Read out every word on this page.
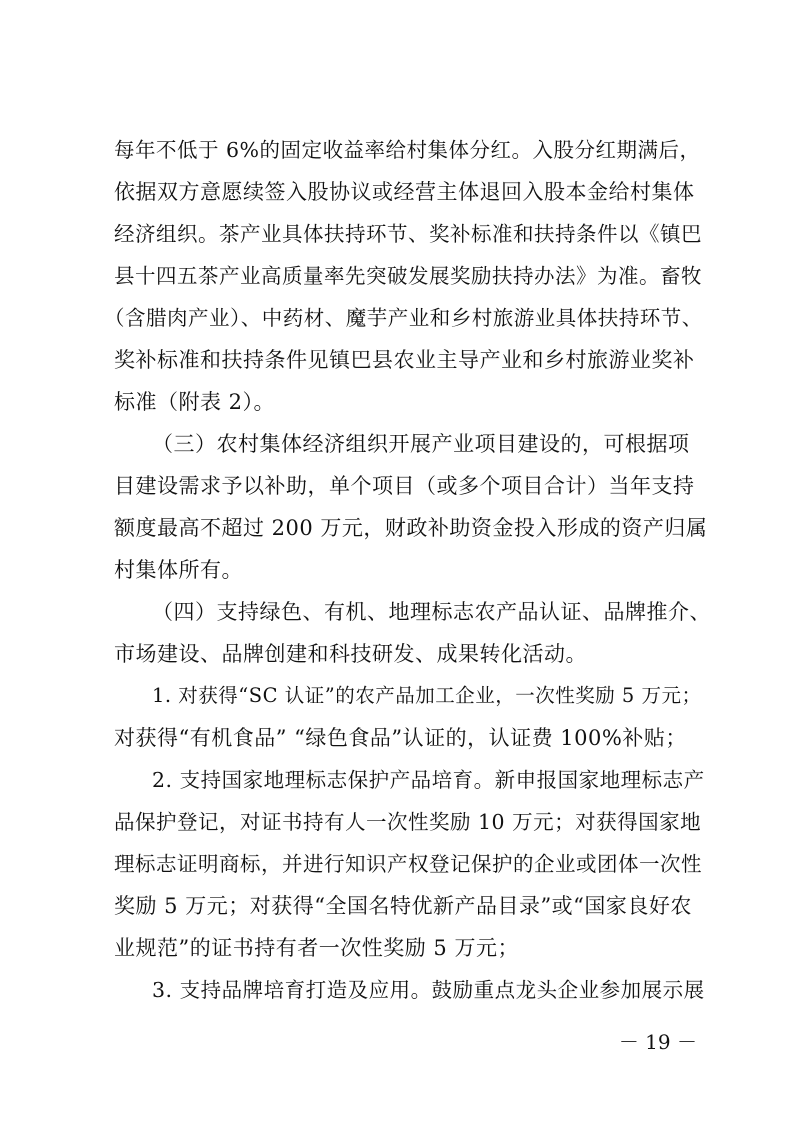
每年不低于 6%的固定收益率给村集体分红。入股分红期满后，
依据双方意愿续签入股协议或经营主体退回入股本金给村集体
经济组织。茶产业具体扶持环节、奖补标准和扶持条件以《镇巴
县十四五茶产业高质量率先突破发展奖励扶持办法》为准。畜牧
（含腊肉产业）、中药材、魔芋产业和乡村旅游业具体扶持环节、
奖补标准和扶持条件见镇巴县农业主导产业和乡村旅游业奖补
标准（附表 2）。
（三）农村集体经济组织开展产业项目建设的，可根据项
目建设需求予以补助，单个项目（或多个项目合计）当年支持
额度最高不超过 200 万元，财政补助资金投入形成的资产归属
村集体所有。
（四）支持绿色、有机、地理标志农产品认证、品牌推介、
市场建设、品牌创建和科技研发、成果转化活动。
1. 对获得“SC 认证”的农产品加工企业，一次性奖励 5 万元；
对获得“有机食品” “绿色食品”认证的，认证费 100%补贴；
2. 支持国家地理标志保护产品培育。新申报国家地理标志产
品保护登记，对证书持有人一次性奖励 10 万元；对获得国家地
理标志证明商标，并进行知识产权登记保护的企业或团体一次性
奖励 5 万元；对获得“全国名特优新产品目录”或“国家良好农
业规范”的证书持有者一次性奖励 5 万元；
3. 支持品牌培育打造及应用。鼓励重点龙头企业参加展示展
－ 19 －
